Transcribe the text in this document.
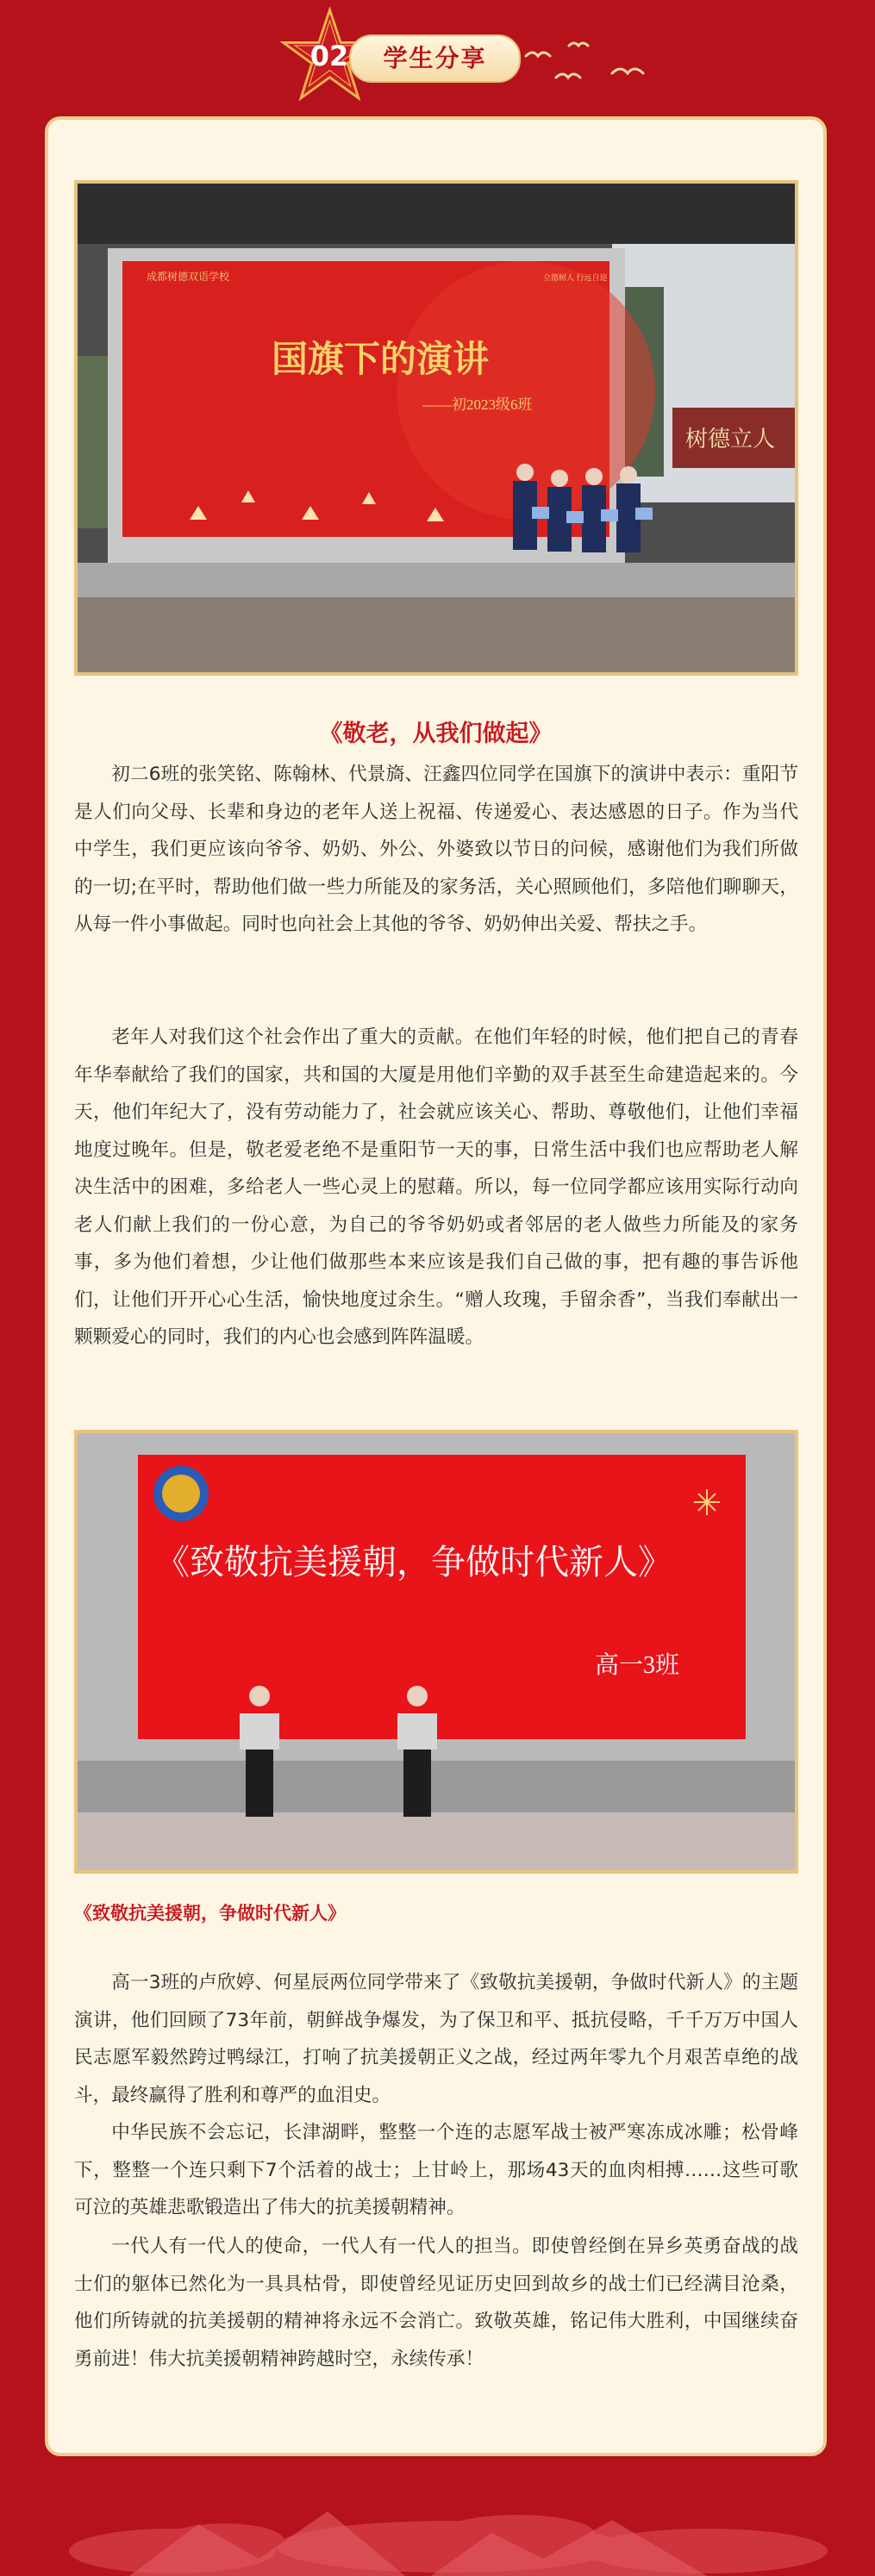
02	学生分享
树德立人
成都树德双语学校	立德树人 行远自迩
国旗下的演讲
——初2023级6班
《敬老，从我们做起》

初二6班的张笑铭、陈翰林、代景旖、汪鑫四位同学在国旗下的演讲中表示：重阳节是人们向父母、长辈和身边的老年人送上祝福、传递爱心、表达感恩的日子。作为当代中学生，我们更应该向爷爷、奶奶、外公、外婆致以节日的问候，感谢他们为我们所做的一切;在平时，帮助他们做一些力所能及的家务活，关心照顾他们，多陪他们聊聊天，从每一件小事做起。同时也向社会上其他的爷爷、奶奶伸出关爱、帮扶之手。

老年人对我们这个社会作出了重大的贡献。在他们年轻的时候，他们把自己的青春年华奉献给了我们的国家，共和国的大厦是用他们辛勤的双手甚至生命建造起来的。今天，他们年纪大了，没有劳动能力了，社会就应该关心、帮助、尊敬他们，让他们幸福地度过晚年。但是，敬老爱老绝不是重阳节一天的事，日常生活中我们也应帮助老人解决生活中的困难，多给老人一些心灵上的慰藉。所以，每一位同学都应该用实际行动向老人们献上我们的一份心意，为自己的爷爷奶奶或者邻居的老人做些力所能及的家务事，多为他们着想，少让他们做那些本来应该是我们自己做的事，把有趣的事告诉他们，让他们开开心心生活，愉快地度过余生。“赠人玫瑰，手留余香”，当我们奉献出一颗颗爱心的同时，我们的内心也会感到阵阵温暖。

《致敬抗美援朝，争做时代新人》
高一3班
《致敬抗美援朝，争做时代新人》

高一3班的卢欣婷、何星辰两位同学带来了《致敬抗美援朝，争做时代新人》的主题演讲，他们回顾了73年前，朝鲜战争爆发，为了保卫和平、抵抗侵略，千千万万中国人民志愿军毅然跨过鸭绿江，打响了抗美援朝正义之战，经过两年零九个月艰苦卓绝的战斗，最终赢得了胜利和尊严的血泪史。

中华民族不会忘记，长津湖畔，整整一个连的志愿军战士被严寒冻成冰雕；松骨峰下，整整一个连只剩下7个活着的战士；上甘岭上，那场43天的血肉相搏……这些可歌可泣的英雄悲歌锻造出了伟大的抗美援朝精神。

一代人有一代人的使命，一代人有一代人的担当。即使曾经倒在异乡英勇奋战的战士们的躯体已然化为一具具枯骨，即使曾经见证历史回到故乡的战士们已经满目沧桑，他们所铸就的抗美援朝的精神将永远不会消亡。致敬英雄，铭记伟大胜利，中国继续奋勇前进！伟大抗美援朝精神跨越时空，永续传承！
